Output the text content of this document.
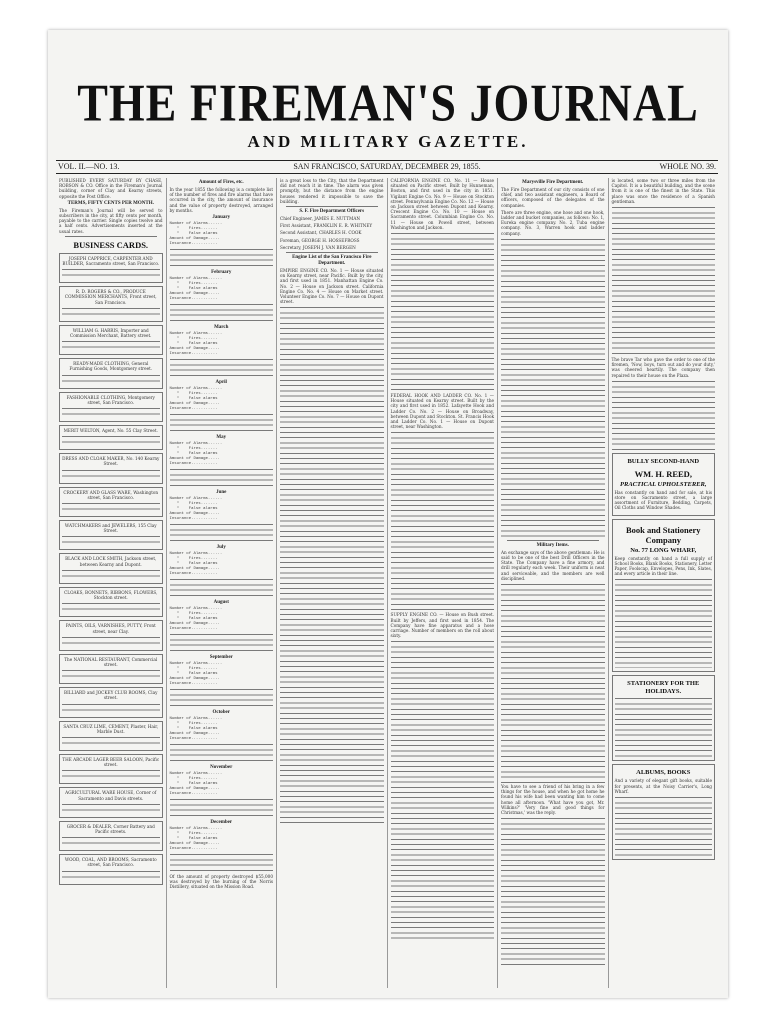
THE FIREMAN'S JOURNAL
AND MILITARY GAZETTE.
VOL. II.—NO. 13.	SAN FRANCISCO, SATURDAY, DECEMBER 29, 1855.	WHOLE NO. 39.

PUBLISHED EVERY SATURDAY BY CHASE, ROBSON & CO. Office in the Fireman's Journal building, corner of Clay and Kearny streets, opposite the Post Office.

TERMS, FIFTY CENTS PER MONTH.

The Fireman's Journal will be served to subscribers in the city, at fifty cents per month, payable to the carrier. Single copies twelve and a half cents. Advertisements inserted at the usual rates.

BUSINESS CARDS.

JOSEPH CAPPRICE, CARPENTER AND BUILDER, Sacramento street, San Francisco.

R. D. ROGERS & CO., PRODUCE COMMISSION MERCHANTS, Front street, San Francisco.

WILLIAM G. HARRIS, Importer and Commission Merchant, Battery street.

READY-MADE CLOTHING, General Furnishing Goods, Montgomery street.

FASHIONABLE CLOTHING, Montgomery street, San Francisco.

MERIT WELTON, Agent, No. 55 Clay Street.

DRESS AND CLOAK MAKER, No. 140 Kearny Street.

CROCKERY AND GLASS WARE, Washington street, San Francisco.

WATCHMAKERS and JEWELERS, 155 Clay Street.

BLACK AND LOCK SMITH, Jackson street, between Kearny and Dupont.

CLOAKS, BONNETS, RIBBONS, FLOWERS, Stockton street.

PAINTS, OILS, VARNISHES, PUTTY, Front street, near Clay.

The NATIONAL RESTAURANT, Commercial street.

BILLIARD and JOCKEY CLUB ROOMS, Clay street.

SANTA CRUZ LIME, CEMENT, Plaster, Hair, Marble Dust.

THE ARCADE LAGER BEER SALOON, Pacific street.

AGRICULTURAL WARE HOUSE, Corner of Sacramento and Davis streets.

GROCER & DEALER, Corner Battery and Pacific streets.

WOOD, COAL, AND BROOMS, Sacramento street, San Francisco.

Amount of Fires, etc.

In the year 1855 the following is a complete list of the number of fires and fire alarms that have occurred in the city, the amount of insurance and the value of property destroyed, arranged by months.

January
Number of Alarms......
"    Fires.......
"    False alarms
Amount of Damage.....
Insurance...........
February
Number of Alarms......
"    Fires.......
"    False alarms
Amount of Damage.....
Insurance...........
March
Number of Alarms......
"    Fires.......
"    False alarms
Amount of Damage.....
Insurance...........
April
Number of Alarms......
"    Fires.......
"    False alarms
Amount of Damage.....
Insurance...........
May
Number of Alarms......
"    Fires.......
"    False alarms
Amount of Damage.....
Insurance...........
June
Number of Alarms......
"    Fires.......
"    False alarms
Amount of Damage.....
Insurance...........
July
Number of Alarms......
"    Fires.......
"    False alarms
Amount of Damage.....
Insurance...........
August
Number of Alarms......
"    Fires.......
"    False alarms
Amount of Damage.....
Insurance...........
September
Number of Alarms......
"    Fires.......
"    False alarms
Amount of Damage.....
Insurance...........
October
Number of Alarms......
"    Fires.......
"    False alarms
Amount of Damage.....
Insurance...........
November
Number of Alarms......
"    Fires.......
"    False alarms
Amount of Damage.....
Insurance...........
December
Number of Alarms......
"    Fires.......
"    False alarms
Amount of Damage.....
Insurance...........

Of the amount of property destroyed $55,000 was destroyed by the burning of the Norris Distillery, situated on the Mission Road.

is a great loss to the City, that the Department did not reach it in time. The alarm was given promptly, but the distance from the engine houses rendered it impossible to save the building.

S. F. Fire Department Officers

Chief Engineer, JAMES E. NUTTMAN

First Assistant, FRANKLIN E. R. WHITNEY

Second Assistant, CHARLES H. COOK

Foreman, GEORGE H. HOSSEFROSS

Secretary, JOSEPH J. VAN BERGEN

Engine List of the San Francisco Fire Department.

EMPIRE ENGINE CO. No. 1 — House situated on Kearny street, near Pacific. Built by the city, and first used in 1851. Manhattan Engine Co. No. 2 — House on Jackson street. California Engine Co. No. 4 — House on Market street. Volunteer Engine Co. No. 7 — House on Dupont street.

CALIFORNIA ENGINE CO. No. 11 — House situated on Pacific street. Built by Hunneman, Boston, and first used in the city in 1851. Vigilant Engine Co. No. 9 — House on Stockton street. Pennsylvania Engine Co. No. 12 — House on Jackson street between Dupont and Kearny. Crescent Engine Co. No. 10 — House on Sacramento street. Columbian Engine Co. No. 11 — House on Powell street, between Washington and Jackson.

FEDERAL HOOK AND LADDER CO. No. 1 — House situated on Kearny street. Built by the city and first used in 1852. Lafayette Hook and Ladder Co. No. 2 — House on Broadway, between Dupont and Stockton. St. Francis Hook and Ladder Co. No. 1 — House on Dupont street, near Washington.

SUPPLY ENGINE CO. — House on Bush street. Built by Jeffers, and first used in 1854. The Company have fine apparatus and a hose carriage. Number of members on the roll about sixty.

Marysville Fire Department.

The Fire Department of our city consists of one chief, and two assistant engineers, a Board of officers, composed of the delegates of the companies.

There are three engine, one hose and one hook, ladder and bucket companies, as follows: No. 1, Eureka engine company. No. 2, Tuba engine company. No. 3, Warren hook and ladder company.

Military Items.

An exchange says of the above gentleman: He is said to be one of the best Drill Officers in the State. The Company have a fine armory, and drill regularly each week. Their uniform is neat and serviceable, and the members are well disciplined.

You have to see a friend of his bring in a few things for the house, and when he got home he found his wife had been wanting him to come home all afternoon. 'What have you got, Mr. Wilkins?' 'Very fine and good things for Christmas,' was the reply.

is located, some two or three miles from the Capitol. It is a beautiful building, and the scene from it is one of the finest in the State. This place was once the residence of a Spanish gentleman.

The brave Tar who gave the order to one of the firemen, 'Now, boys, turn out and do your duty,' was cheered heartily. The company then repaired to their house on the Plaza.

BULLY SECOND-HAND
WM. H. REED,
PRACTICAL UPHOLSTERER,

Has constantly on hand and for sale, at his store on Sacramento street, a large assortment of Furniture, Bedding, Carpets, Oil Cloths and Window Shades.

Book and Stationery Company
No. 77 LONG WHARF,

Keep constantly on hand a full supply of School Books, Blank Books, Stationery, Letter Paper, Foolscap, Envelopes, Pens, Ink, Slates, and every article in their line.

STATIONERY FOR THE HOLIDAYS.
ALBUMS, BOOKS

And a variety of elegant gift books, suitable for presents, at the Noisy Carrier's, Long Wharf.
